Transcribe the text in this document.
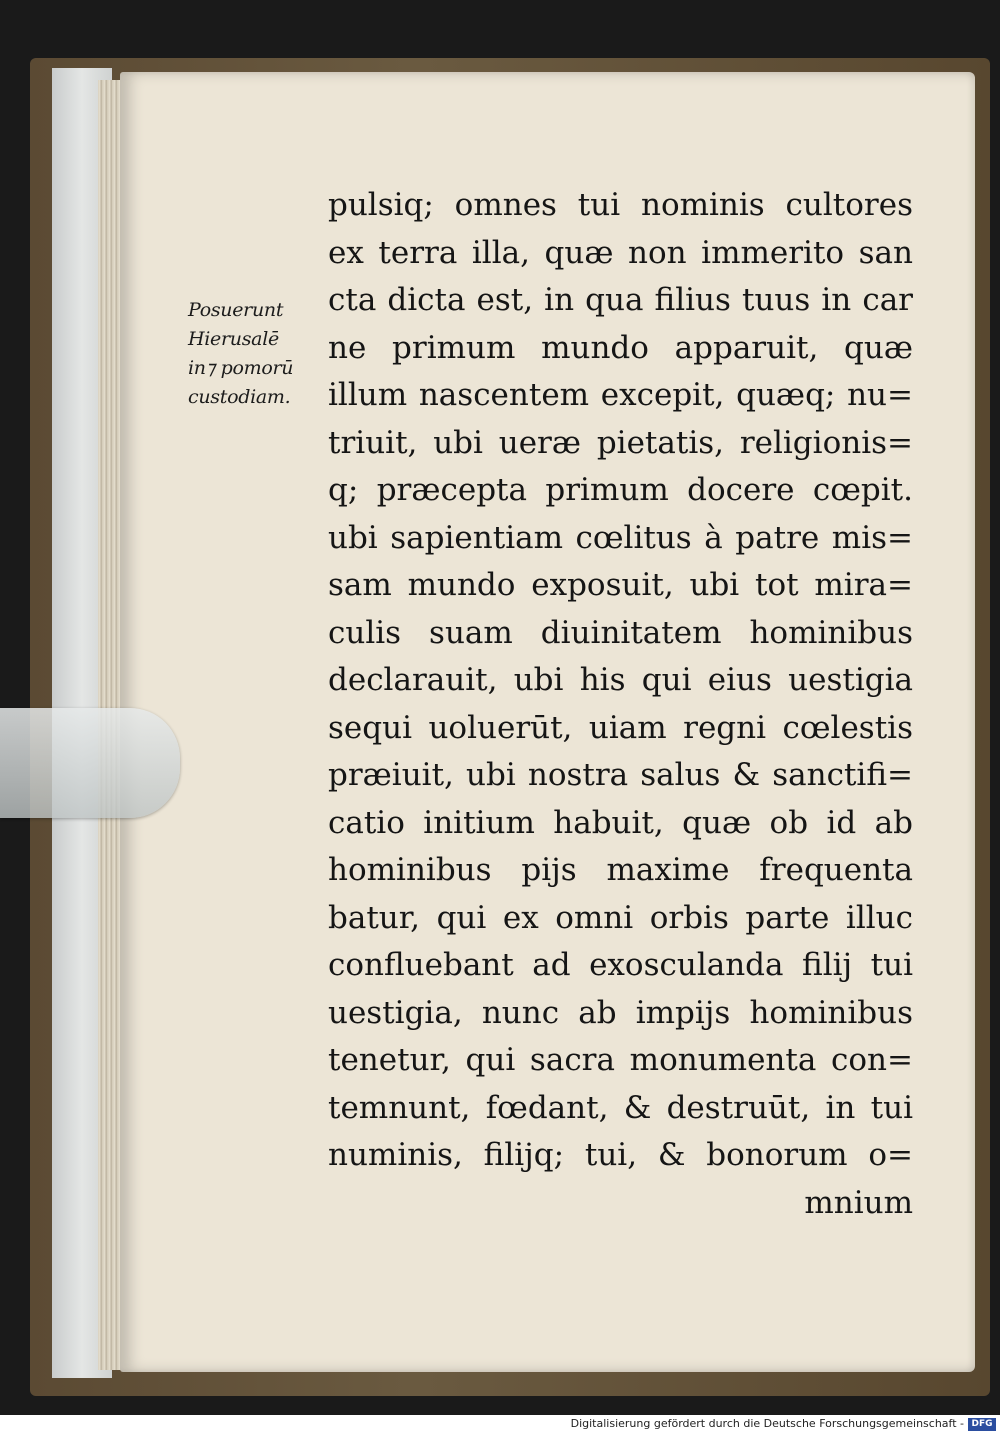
Posuerunt
Hierusalē
in⁊ pomorū
custodiam.
pulsiq; omnes tui nominis cultores
ex terra illa, quæ non immerito san
cta dicta est, in qua filius tuus in car
ne primum mundo apparuit, quæ
illum nascentem excepit, quæq; nu=
triuit, ubi ueræ pietatis, religionis=
q; præcepta primum docere cœpit.
ubi sapientiam cœlitus à patre mis=
sam mundo exposuit, ubi tot mira=
culis suam diuinitatem hominibus
declarauit, ubi his qui eius uestigia
sequi uoluerūt, uiam regni cœlestis
præiuit, ubi nostra salus & sanctifi=
catio initium habuit, quæ ob id ab
hominibus pijs maxime frequenta
batur, qui ex omni orbis parte illuc
confluebant ad exosculanda filij tui
uestigia, nunc ab impijs hominibus
tenetur, qui sacra monumenta con=
temnunt, fœdant, & destruūt, in tui
numinis, filijq; tui, & bonorum o=
mnium
Digitalisierung gefördert durch die Deutsche Forschungsgemeinschaft - DFG
